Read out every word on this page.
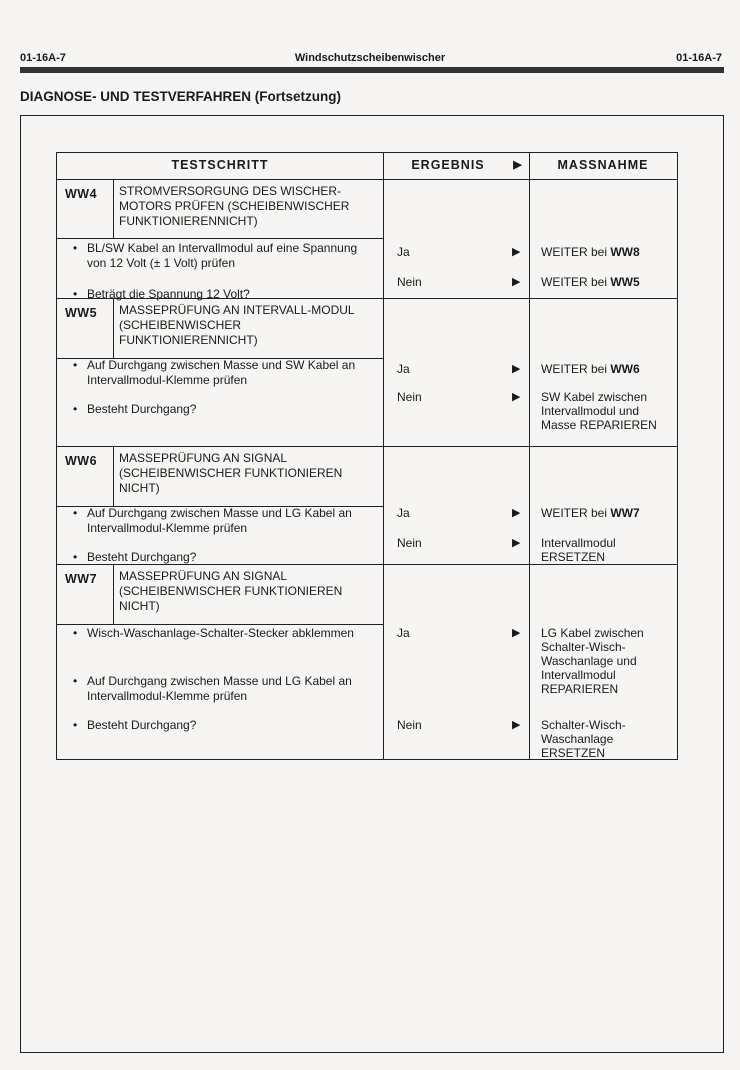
01-16A-7	Windschutzscheibenwischer	01-16A-7
DIAGNOSE- UND TESTVERFAHREN (Fortsetzung)
TESTSCHRITT	ERGEBNIS	▶	MASSNAHME
WW4 STROMVERSORGUNG DES WISCHER-MOTORS PRÜFEN (SCHEIBENWISCHER FUNKTIONIERENNICHT)
• BL/SW Kabel an Intervallmodul auf eine Spannung von 12 Volt (± 1 Volt) prüfen
• Beträgt die Spannung 12 Volt?
Ja	▶ WEITER bei WW8
Nein	▶ WEITER bei WW5
WW5 MASSEPRÜFUNG AN INTERVALL-MODUL (SCHEIBENWISCHER FUNKTIONIERENNICHT)
• Auf Durchgang zwischen Masse und SW Kabel an Intervallmodul-Klemme prüfen
• Besteht Durchgang?
Ja	▶ WEITER bei WW6
Nein	▶ SW Kabel zwischen Intervallmodul und Masse REPARIEREN
WW6 MASSEPRÜFUNG AN SIGNAL (SCHEIBENWISCHER FUNKTIONIEREN NICHT)
• Auf Durchgang zwischen Masse und LG Kabel an Intervallmodul-Klemme prüfen
• Besteht Durchgang?
Ja	▶ WEITER bei WW7
Nein	▶ Intervallmodul ERSETZEN
WW7 MASSEPRÜFUNG AN SIGNAL (SCHEIBENWISCHER FUNKTIONIEREN NICHT)
• Wisch-Waschanlage-Schalter-Stecker abklemmen
• Auf Durchgang zwischen Masse und LG Kabel an Intervallmodul-Klemme prüfen
• Besteht Durchgang?
Ja	▶ LG Kabel zwischen Schalter-Wisch-Waschanlage und Intervallmodul REPARIEREN
Nein	▶ Schalter-Wisch-Waschanlage ERSETZEN
